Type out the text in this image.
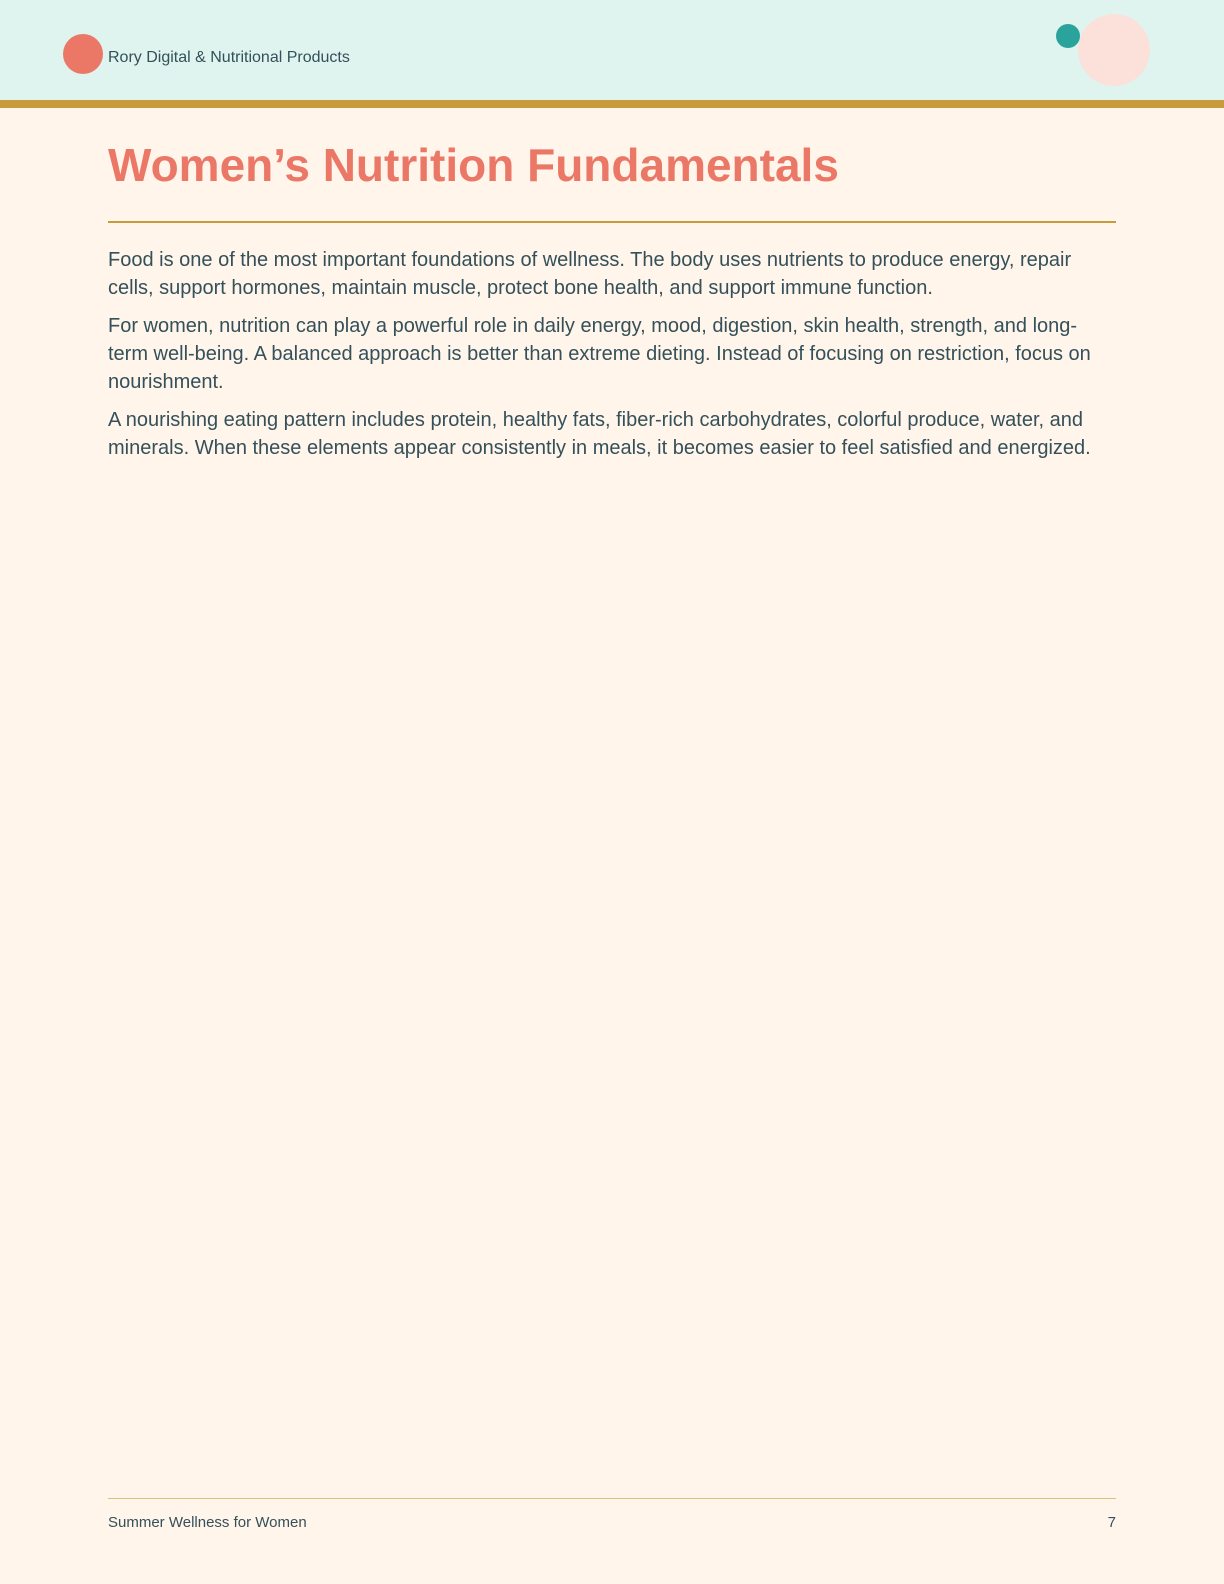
Rory Digital & Nutritional Products
Women’s Nutrition Fundamentals

Food is one of the most important foundations of wellness. The body uses nutrients to produce energy, repair cells, support hormones, maintain muscle, protect bone health, and support immune function.

For women, nutrition can play a powerful role in daily energy, mood, digestion, skin health, strength, and long-term well-being. A balanced approach is better than extreme dieting. Instead of focusing on restriction, focus on nourishment.

A nourishing eating pattern includes protein, healthy fats, fiber-rich carbohydrates, colorful produce, water, and minerals. When these elements appear consistently in meals, it becomes easier to feel satisfied and energized.

Summer Wellness for Women	7
